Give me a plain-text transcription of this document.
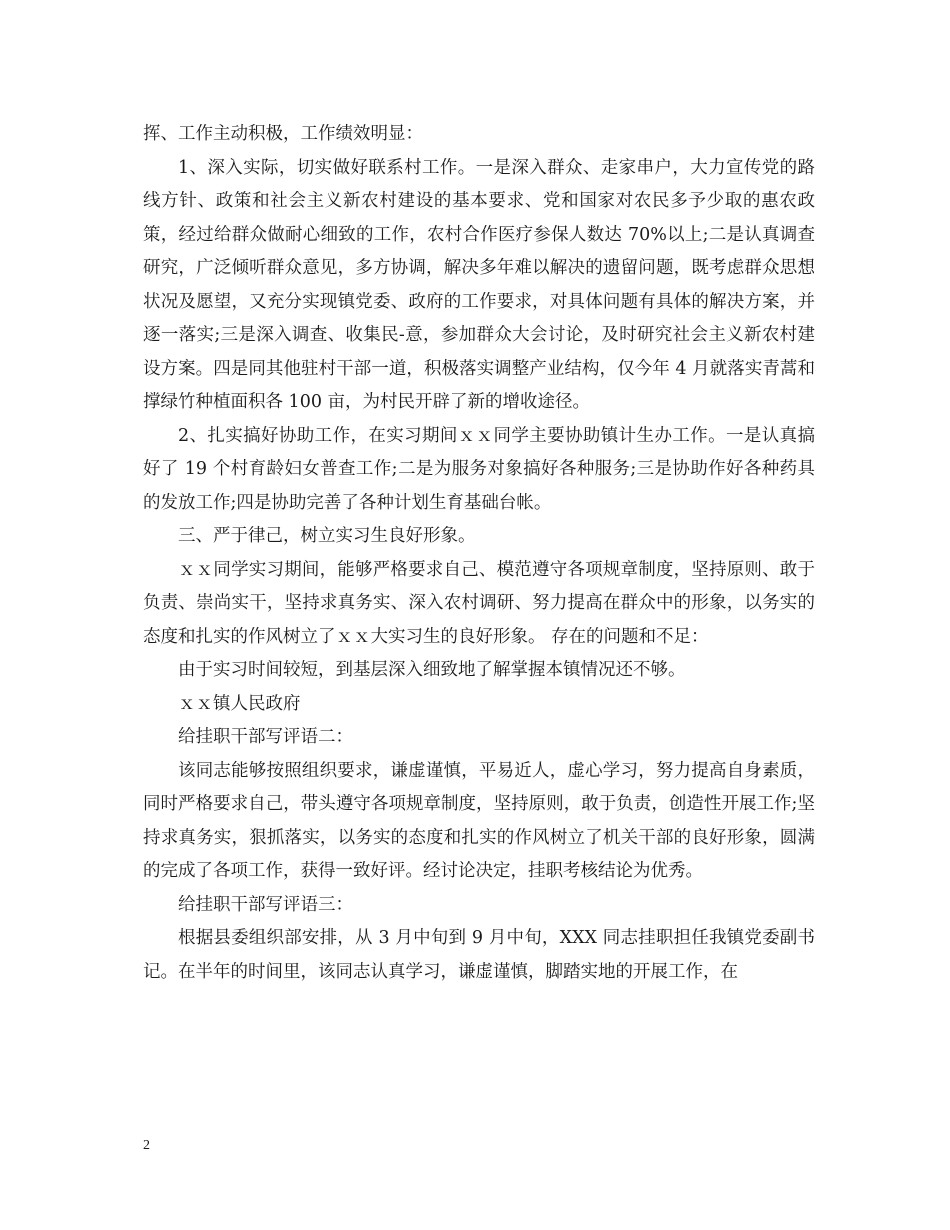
挥、工作主动积极，工作绩效明显：

1、深入实际，切实做好联系村工作。一是深入群众、走家串户，大力宣传党的路线方针、政策和社会主义新农村建设的基本要求、党和国家对农民多予少取的惠农政策，经过给群众做耐心细致的工作，农村合作医疗参保人数达 70%以上;二是认真调查研究，广泛倾听群众意见，多方协调，解决多年难以解决的遗留问题，既考虑群众思想状况及愿望，又充分实现镇党委、政府的工作要求，对具体问题有具体的解决方案，并逐一落实;三是深入调查、收集民-意，参加群众大会讨论，及时研究社会主义新农村建设方案。四是同其他驻村干部一道，积极落实调整产业结构，仅今年 4 月就落实青蒿和撑绿竹种植面积各 100 亩，为村民开辟了新的增收途径。

2、扎实搞好协助工作，在实习期间ｘｘ同学主要协助镇计生办工作。一是认真搞好了 19 个村育龄妇女普查工作;二是为服务对象搞好各种服务;三是协助作好各种药具的发放工作;四是协助完善了各种计划生育基础台帐。

三、严于律己，树立实习生良好形象。

ｘｘ同学实习期间，能够严格要求自己、模范遵守各项规章制度，坚持原则、敢于负责、崇尚实干，坚持求真务实、深入农村调研、努力提高在群众中的形象，以务实的态度和扎实的作风树立了ｘｘ大实习生的良好形象。 存在的问题和不足：

由于实习时间较短，到基层深入细致地了解掌握本镇情况还不够。

ｘｘ镇人民政府

给挂职干部写评语二：

该同志能够按照组织要求，谦虚谨慎，平易近人，虚心学习，努力提高自身素质，同时严格要求自己，带头遵守各项规章制度，坚持原则，敢于负责，创造性开展工作;坚持求真务实，狠抓落实，以务实的态度和扎实的作风树立了机关干部的良好形象，圆满的完成了各项工作，获得一致好评。经讨论决定，挂职考核结论为优秀。

给挂职干部写评语三：

根据县委组织部安排，从 3 月中旬到 9 月中旬，XXX 同志挂职担任我镇党委副书记。在半年的时间里，该同志认真学习，谦虚谨慎，脚踏实地的开展工作，在

2
